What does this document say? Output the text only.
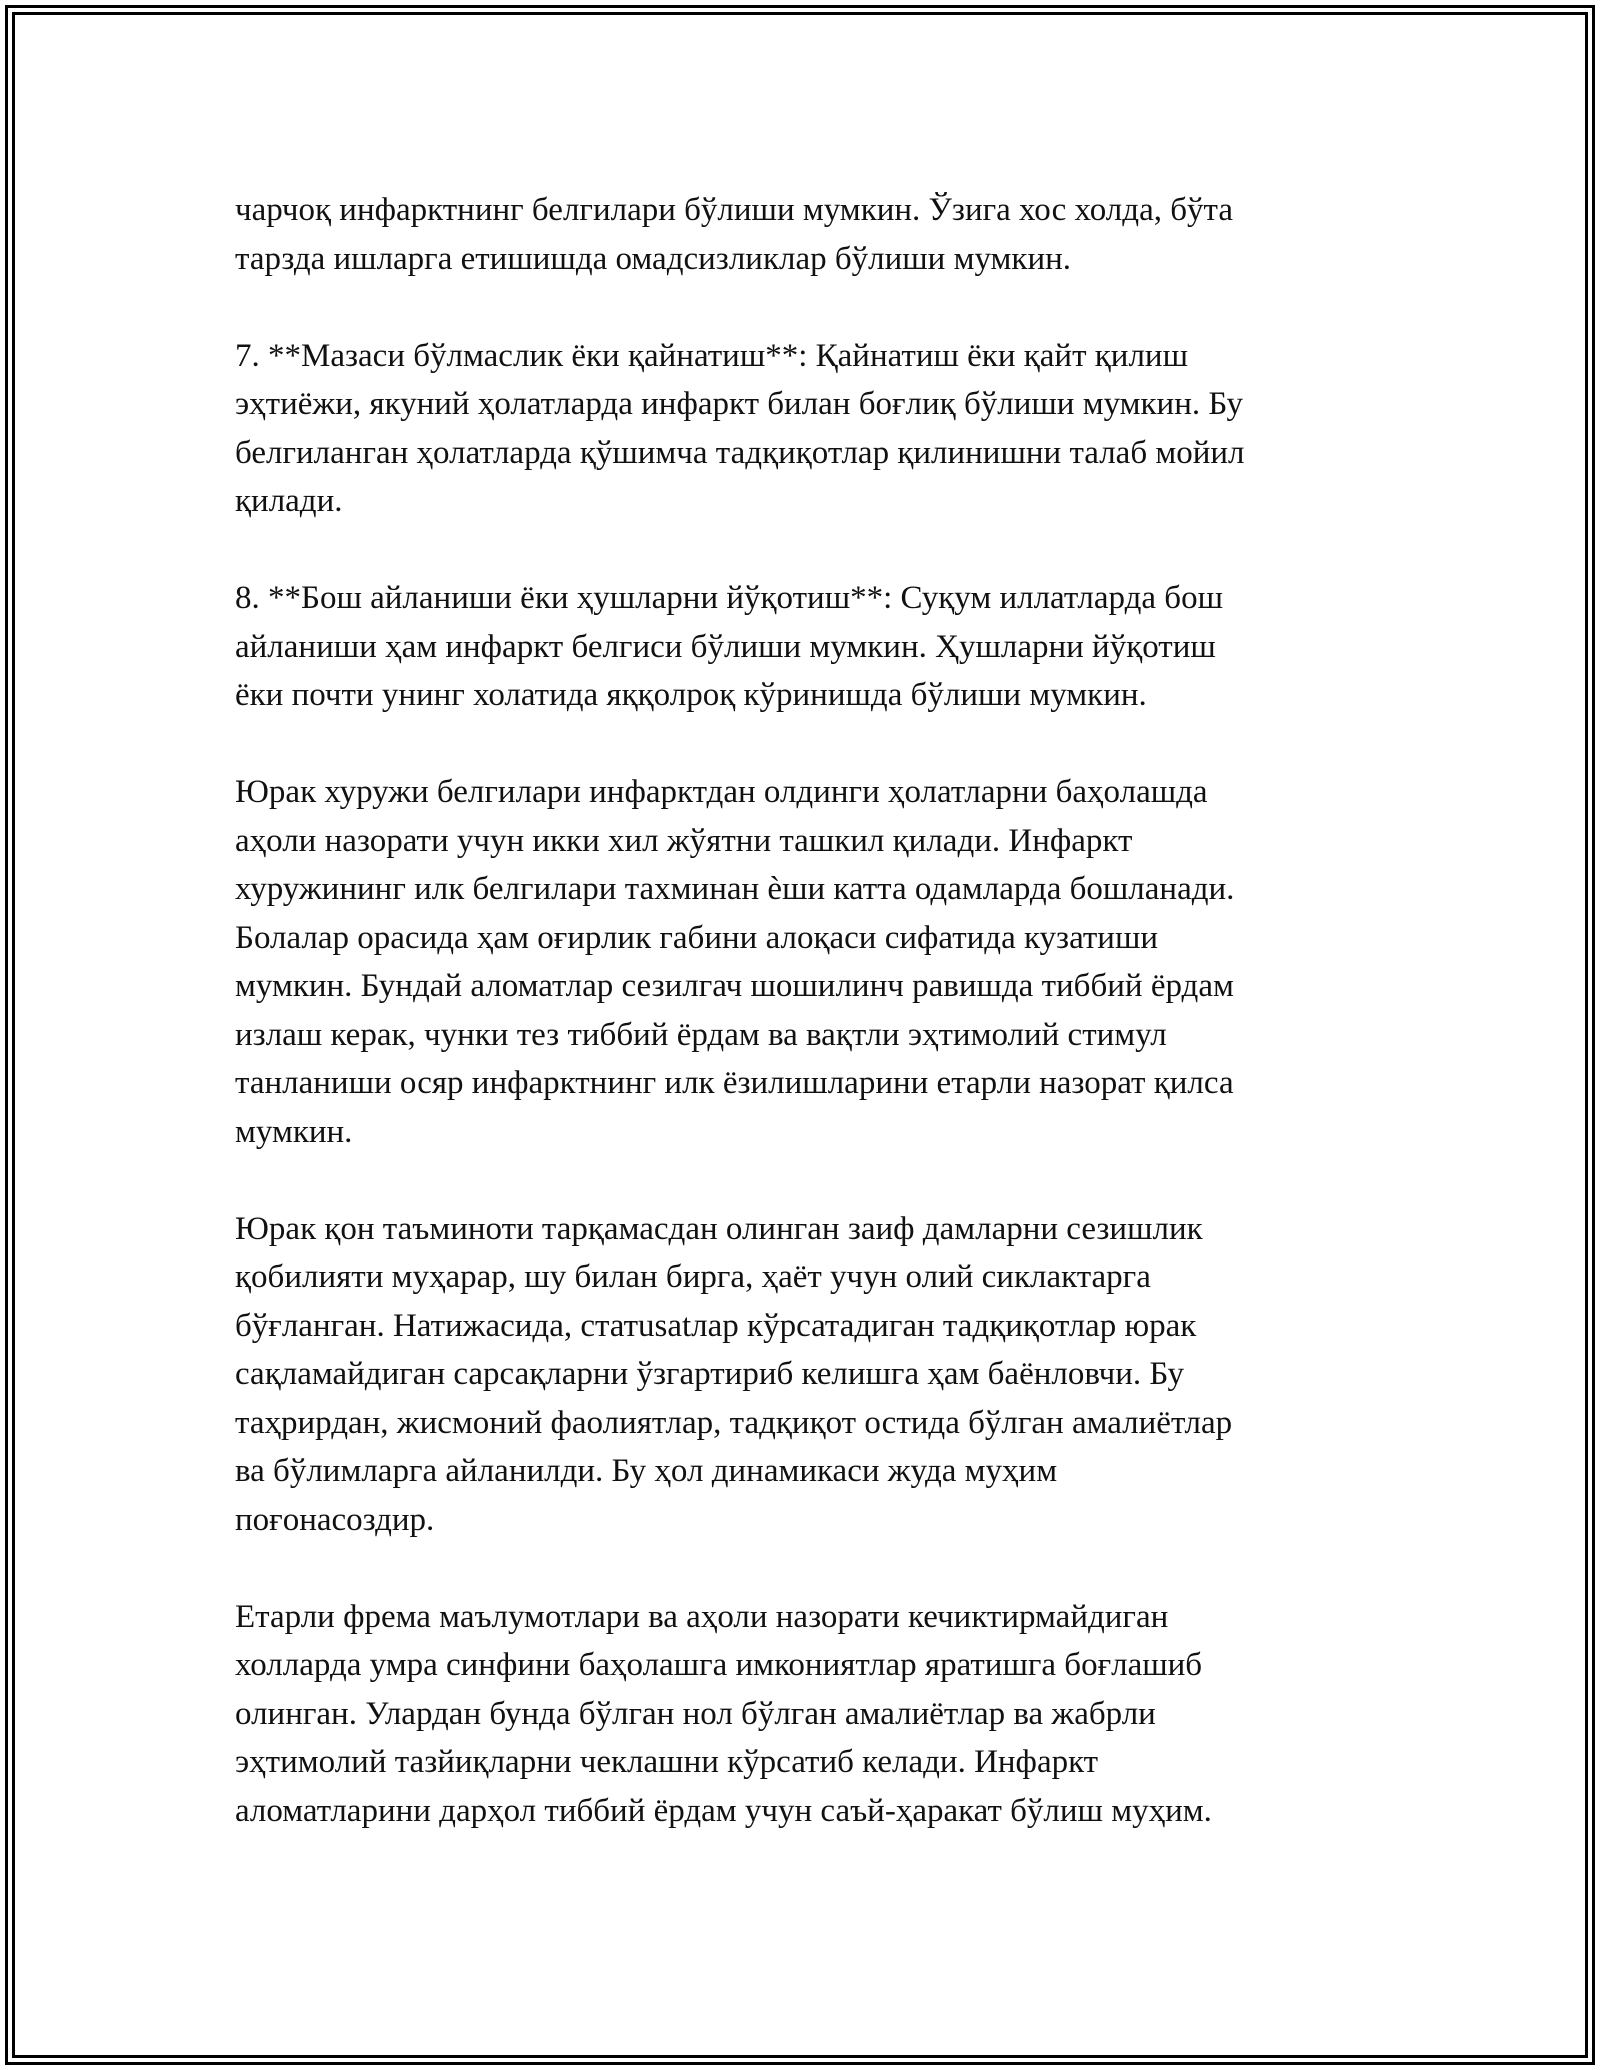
чарчоқ инфарктнинг белгилари бўлиши мумкин. Ўзига хос холда, бўта
тарзда ишларга етишишда омадсизликлар бўлиши мумкин.

7. **Мазаси бўлмаслик ёки қайнатиш**: Қайнатиш ёки қайт қилиш
эҳтиёжи, якуний ҳолатларда инфаркт билан боғлиқ бўлиши мумкин. Бу
белгиланган ҳолатларда қўшимча тадқиқотлар қилинишни талаб мойил
қилади.

8. **Бош айланиши ёки ҳушларни йўқотиш**: Суқум иллатларда бош
айланиши ҳам инфаркт белгиси бўлиши мумкин. Ҳушларни йўқотиш
ёки почти унинг холатида яққолроқ кўринишда бўлиши мумкин.

Юрак хуружи белгилари инфарктдан олдинги ҳолатларни баҳолашда
аҳоли назорати учун икки хил жўятни ташкил қилади. Инфаркт
хуружининг илк белгилари тахминан ѐши катта одамларда бошланади.
Болалар орасида ҳам оғирлик габини алоқаси сифатида кузатиши
мумкин. Бундай аломатлар сезилгач шошилинч равишда тиббий ёрдам
излаш керак, чунки тез тиббий ёрдам ва вақтли эҳтимолий стимул
танланиши осяр инфарктнинг илк ёзилишларини етарли назорат қилса
мумкин.

Юрак қон таъминоти тарқамасдан олинган заиф дамларни сезишлик
қобилияти муҳарар, шу билан бирга, ҳаёт учун олий сиклактарга
бўғланган. Натижасида, статusatлар кўрсатадиган тадқиқотлар юрак
сақламайдиган сарсақларни ўзгартириб келишга ҳам баёнловчи. Бу
таҳрирдан, жисмоний фаолиятлар, тадқиқот остида бўлган амалиётлар
ва бўлимларга айланилди. Бу ҳол динамикаси жуда муҳим
поғонасоздир.

Етарли фрема маълумотлари ва аҳоли назорати кечиктирмайдиган
холларда умра синфини баҳолашга имкониятлар яратишга боғлашиб
олинган. Улардан бунда бўлган нол бўлган амалиётлар ва жабрли
эҳтимолий тазйиқларни чеклашни кўрсатиб келади. Инфаркт
аломатларини дарҳол тиббий ёрдам учун саъй-ҳаракат бўлиш муҳим.
